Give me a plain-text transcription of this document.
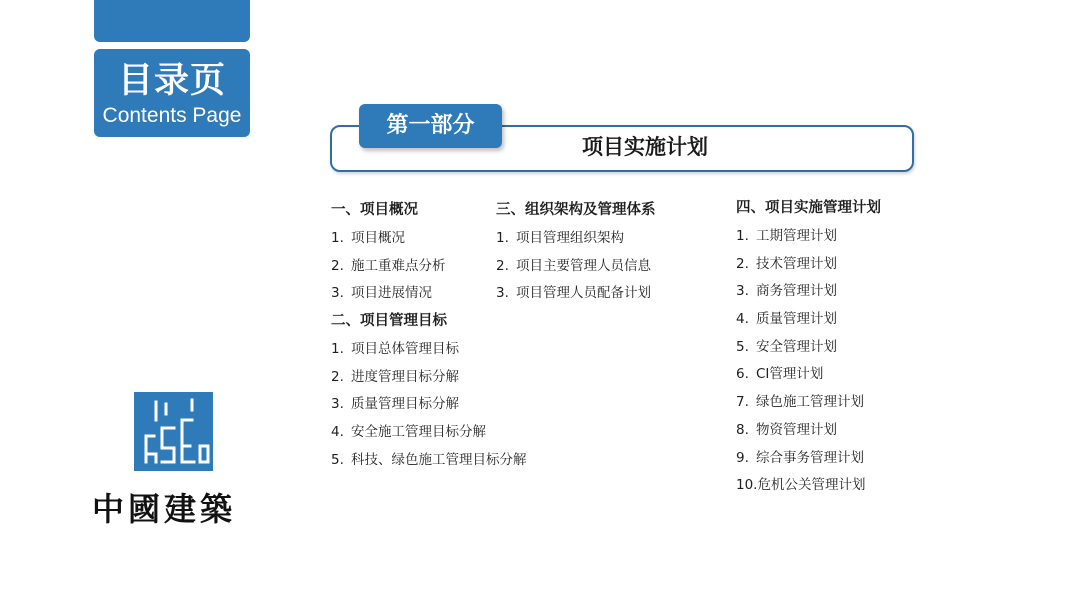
目录页
Contents Page	第一部分
项目实施计划
一、项目概况
1. 项目概况
2. 施工重难点分析
3. 项目进展情况
二、项目管理目标
1. 项目总体管理目标
2. 进度管理目标分解
3. 质量管理目标分解
4. 安全施工管理目标分解
5. 科技、绿色施工管理目标分解
三、组织架构及管理体系
1. 项目管理组织架构
2. 项目主要管理人员信息
3. 项目管理人员配备计划
四、项目实施管理计划
1. 工期管理计划
2. 技术管理计划
3. 商务管理计划
4. 质量管理计划
5. 安全管理计划
6. CI管理计划
7. 绿色施工管理计划
8. 物资管理计划
9. 综合事务管理计划
10.危机公关管理计划
中國建築
